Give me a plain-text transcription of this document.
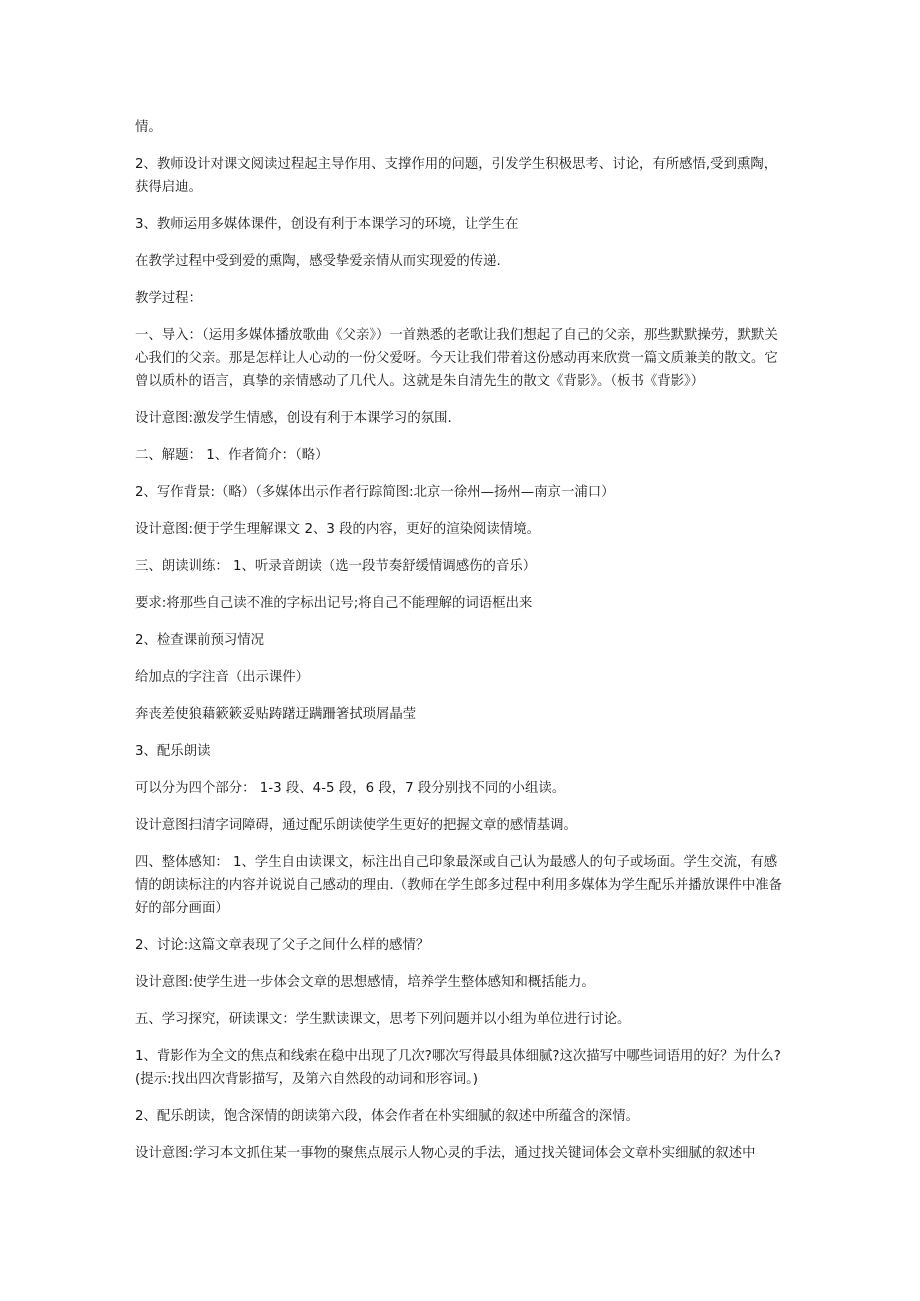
情。

2、教师设计对课文阅读过程起主导作用、支撑作用的问题，引发学生积极思考、讨论，有所感悟,受到熏陶，获得启迪。

3、教师运用多媒体课件，创设有利于本课学习的环境，让学生在

在教学过程中受到爱的熏陶，感受挚爱亲情从而实现爱的传递.

教学过程：

一、导入：（运用多媒体播放歌曲《父亲》）一首熟悉的老歌让我们想起了自己的父亲，那些默默操劳，默默关心我们的父亲。那是怎样让人心动的一份父爱呀。今天让我们带着这份感动再来欣赏一篇文质兼美的散文。它曾以质朴的语言，真挚的亲情感动了几代人。这就是朱自清先生的散文《背影》。（板书《背影》）

设计意图:激发学生情感，创设有利于本课学习的氛围.

二、解题： 1、作者简介：（略）

2、写作背景:（略）（多媒体出示作者行踪简图:北京一徐州—扬州—南京一浦口）

设计意图:便于学生理解课文 2、3 段的内容，更好的渲染阅读情境。

三、朗读训练： 1、听录音朗读（选一段节奏舒缓情调感伤的音乐）

要求:将那些自己读不准的字标出记号;将自己不能理解的词语框出来

2、检查课前预习情况

给加点的字注音（出示课件）

奔丧差使狼藉簌簌妥贴踌躇迂蹒跚箸拭琐屑晶莹

3、配乐朗读

可以分为四个部分： 1-3 段、4-5 段，6 段，7 段分别找不同的小组读。

设计意图扫清字词障碍，通过配乐朗读使学生更好的把握文章的感情基调。

四、整体感知： 1、学生自由读课文，标注出自己印象最深或自己认为最感人的句子或场面。学生交流，有感情的朗读标注的内容并说说自己感动的理由.（教师在学生郎多过程中利用多媒体为学生配乐并播放课件中准备好的部分画面）

2、讨论:这篇文章表现了父子之间什么样的感情？

设计意图:使学生进一步体会文章的思想感情，培养学生整体感知和概括能力。

五、学习探究，研读课文：学生默读课文，思考下列问题并以小组为单位进行讨论。

1、背影作为全文的焦点和线索在稳中出现了几次?哪次写得最具体细腻?这次描写中哪些词语用的好？为什么?(提示:找出四次背影描写，及第六自然段的动词和形容词。)

2、配乐朗读，饱含深情的朗读第六段，体会作者在朴实细腻的叙述中所蕴含的深情。

设计意图:学习本文抓住某一事物的聚焦点展示人物心灵的手法，通过找关键词体会文章朴实细腻的叙述中
